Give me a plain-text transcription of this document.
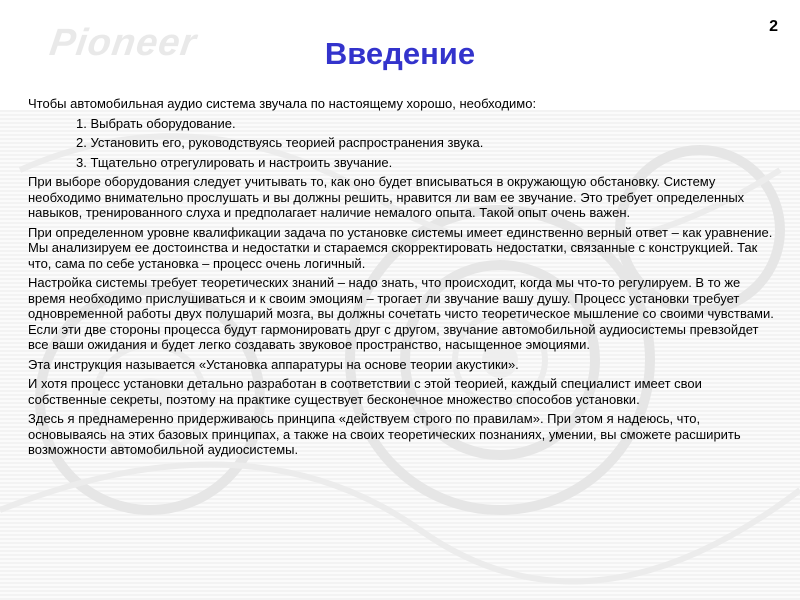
Pioneer	2
Введение

Чтобы автомобильная аудио система звучала по настоящему хорошо, необходимо:

1. Выбрать оборудование.
2. Установить его, руководствуясь теорией распространения звука.
3. Тщательно отрегулировать и настроить звучание.

При выборе оборудования следует учитывать то, как оно будет вписываться в окружающую обстановку. Систему необходимо внимательно прослушать и вы должны решить, нравится ли вам ее звучание. Это требует определенных навыков, тренированного слуха и предполагает наличие немалого опыта. Такой опыт очень важен.

При определенном уровне квалификации задача по установке системы имеет единственно верный ответ – как уравнение. Мы анализируем ее достоинства и недостатки и стараемся скорректировать недостатки, связанные с конструкцией. Так что, сама по себе установка – процесс очень логичный.

Настройка системы требует теоретических знаний – надо знать, что происходит, когда мы что-то регулируем. В то же время необходимо прислушиваться и к своим эмоциям – трогает ли звучание вашу душу. Процесс установки требует одновременной работы двух полушарий мозга, вы должны сочетать чисто теоретическое мышление со своими чувствами. Если эти две стороны процесса будут гармонировать друг с другом, звучание автомобильной аудиосистемы превзойдет все ваши ожидания и будет легко создавать звуковое пространство, насыщенное эмоциями.

Эта инструкция называется «Установка аппаратуры на основе теории акустики».

И хотя процесс установки детально разработан в соответствии с этой теорией, каждый специалист имеет свои собственные секреты, поэтому на практике существует бесконечное множество способов установки.

Здесь я преднамеренно придерживаюсь принципа «действуем строго по правилам». При этом я надеюсь, что, основываясь на этих базовых принципах, а также на своих теоретических познаниях, умении, вы сможете расширить возможности автомобильной аудиосистемы.
